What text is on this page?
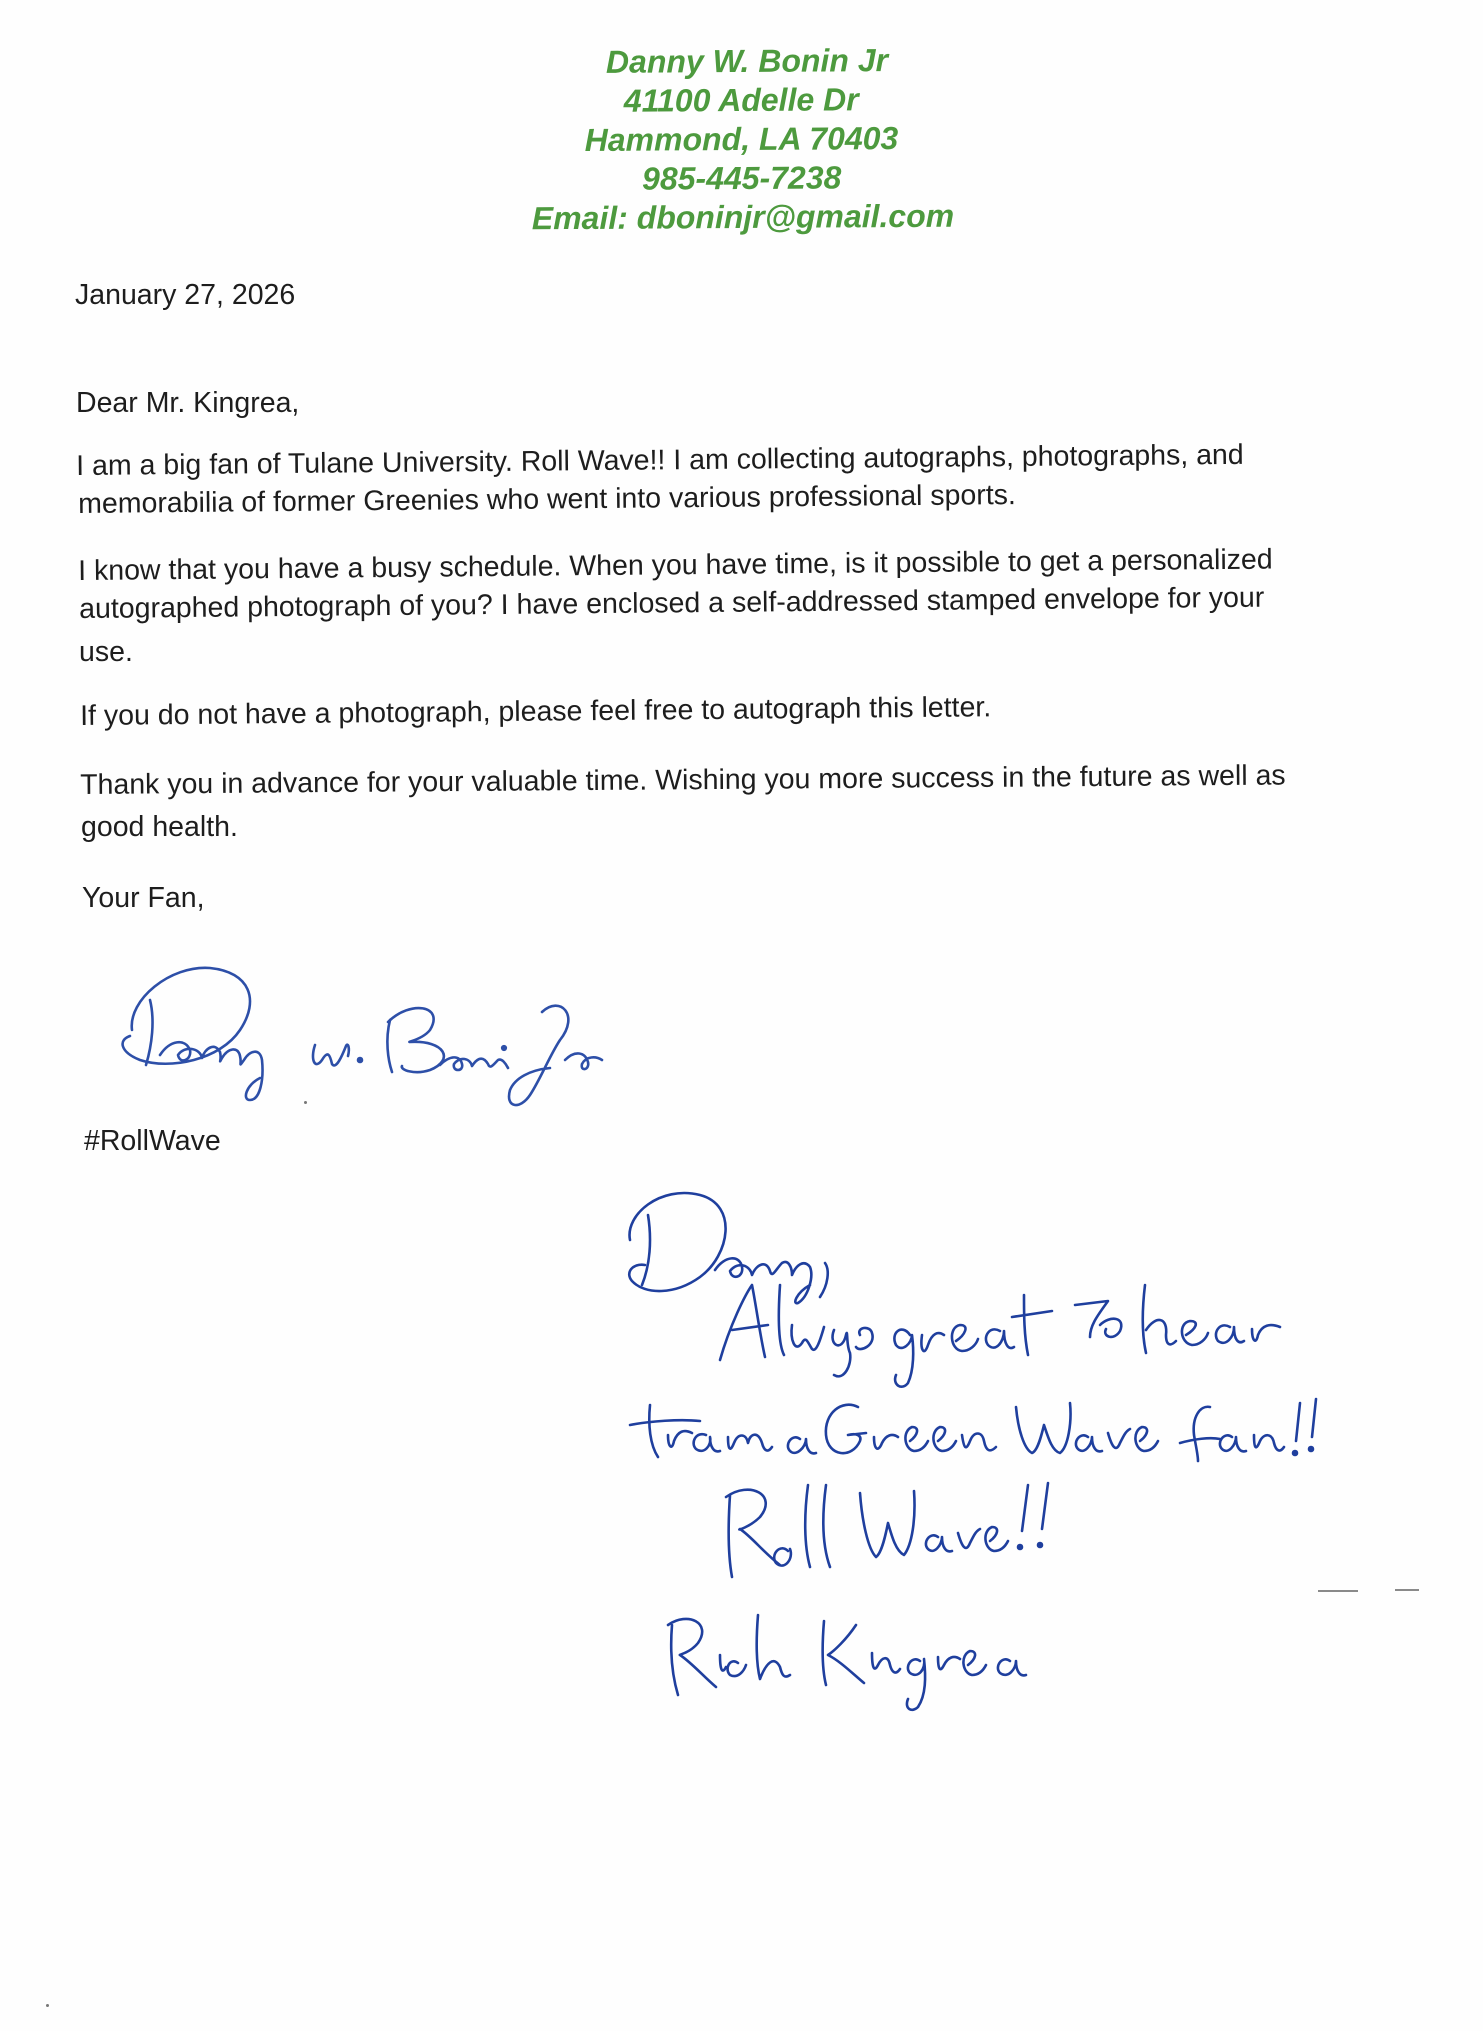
Danny W. Bonin Jr
41100 Adelle Dr
Hammond, LA 70403
985-445-7238
Email: dboninjr@gmail.com
January 27, 2026
Dear Mr. Kingrea,
I am a big fan of Tulane University. Roll Wave!! I am collecting autographs, photographs, and
memorabilia of former Greenies who went into various professional sports.
I know that you have a busy schedule. When you have time, is it possible to get a personalized
autographed photograph of you? I have enclosed a self-addressed stamped envelope for your
use.
If you do not have a photograph, please feel free to autograph this letter.
Thank you in advance for your valuable time. Wishing you more success in the future as well as
good health.
Your Fan,
#RollWave
